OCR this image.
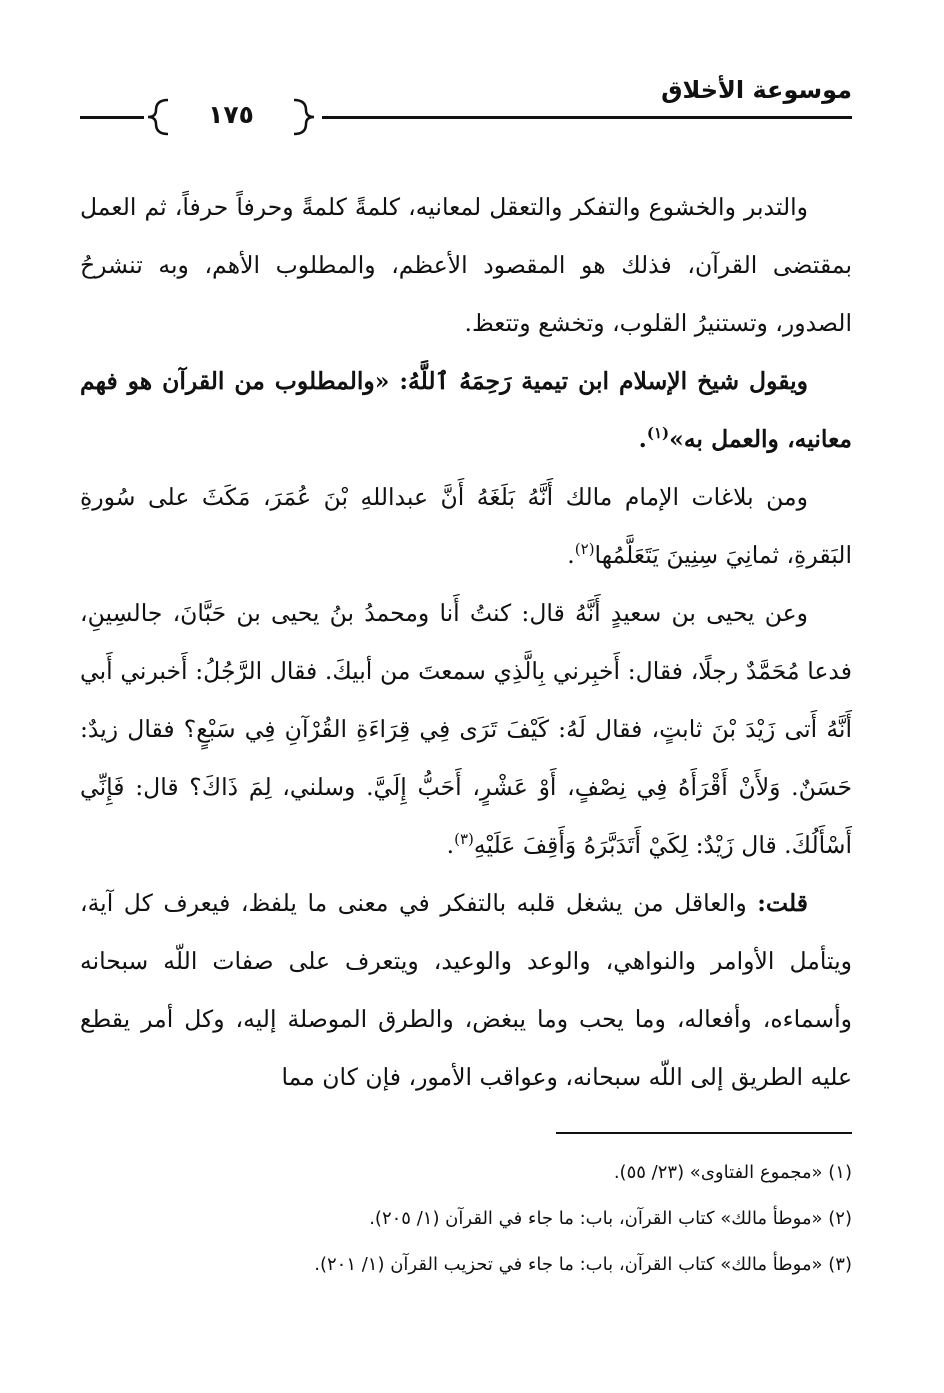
موسوعة الأخلاق
١٧٥

والتدبر والخشوع والتفكر والتعقل لمعانيه، كلمةً كلمةً وحرفاً حرفاً، ثم العمل بمقتضى القرآن، فذلك هو المقصود الأعظم، والمطلوب الأهم، وبه تنشرحُ الصدور، وتستنيرُ القلوب، وتخشع وتتعظ.

ويقول شيخ الإسلام ابن تيمية رَحِمَهُ ٱللَّهُ: «والمطلوب من القرآن هو فهم معانيه، والعمل به»$^{(١)}$.

ومن بلاغات الإمام مالك أَنَّهُ بَلَغَهُ أَنَّ عبداللهِ بْنَ عُمَرَ، مَكَثَ على سُورةِ البَقرةِ، ثمانِيَ سِنِينَ يَتَعَلَّمُها$^{(٢)}$.

وعن يحيى بن سعيدٍ أَنَّهُ قال: كنتُ أَنا ومحمدُ بنُ يحيى بن حَبَّانَ، جالسِينِ، فدعا مُحَمَّدٌ رجلًا، فقال: أَخبِرني بِالَّذِي سمعتَ من أبيكَ. فقال الرَّجُلُ: أَخبرني أَبي أَنَّهُ أَتى زَيْدَ بْنَ ثابتٍ، فقال لَهُ: كَيْفَ تَرَى فِي قِرَاءَةِ القُرْآنِ فِي سَبْعٍ؟ فقال زيدٌ: حَسَنٌ. وَلأَنْ أَقْرَأَهُ فِي نِصْفٍ، أَوْ عَشْرٍ، أَحَبُّ إِلَيَّ. وسلني، لِمَ ذَاكَ؟ قال: فَإِنِّي أَسْأَلُكَ. قال زَيْدٌ: لِكَيْ أَتَدَبَّرَهُ وَأَقِفَ عَلَيْهِ$^{(٣)}$.

قلت: والعاقل من يشغل قلبه بالتفكر في معنى ما يلفظ، فيعرف كل آية، ويتأمل الأوامر والنواهي، والوعد والوعيد، ويتعرف على صفات اللّه سبحانه وأسماءه، وأفعاله، وما يحب وما يبغض، والطرق الموصلة إليه، وكل أمر يقطع عليه الطريق إلى اللّه سبحانه، وعواقب الأمور، فإن كان مما

(١) «مجموع الفتاوى» (٢٣/ ٥٥).

(٢) «موطأ مالك» كتاب القرآن، باب: ما جاء في القرآن (١/ ٢٠٥).

(٣) «موطأ مالك» كتاب القرآن، باب: ما جاء في تحزيب القرآن (١/ ٢٠١).
